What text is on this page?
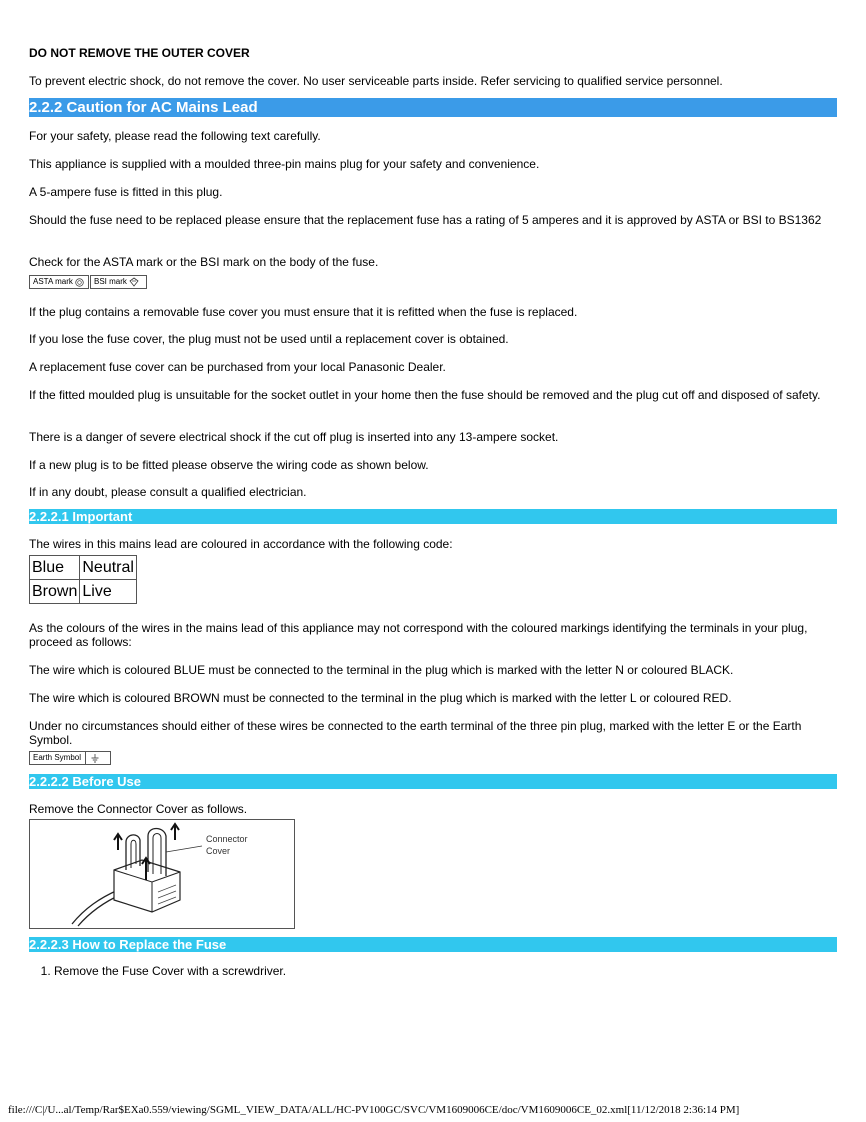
DO NOT REMOVE THE OUTER COVER

To prevent electric shock, do not remove the cover. No user serviceable parts inside. Refer servicing to qualified service personnel.

2.2.2 Caution for AC Mains Lead

For your safety, please read the following text carefully.

This appliance is supplied with a moulded three-pin mains plug for your safety and convenience.

A 5-ampere fuse is fitted in this plug.

Should the fuse need to be replaced please ensure that the replacement fuse has a rating of 5 amperes and it is approved by ASTA or BSI to BS1362

Check for the ASTA mark or the BSI mark on the body of the fuse.

ASTA mark	BSI mark

If the plug contains a removable fuse cover you must ensure that it is refitted when the fuse is replaced.

If you lose the fuse cover, the plug must not be used until a replacement cover is obtained.

A replacement fuse cover can be purchased from your local Panasonic Dealer.

If the fitted moulded plug is unsuitable for the socket outlet in your home then the fuse should be removed and the plug cut off and disposed of safety.

There is a danger of severe electrical shock if the cut off plug is inserted into any 13-ampere socket.

If a new plug is to be fitted please observe the wiring code as shown below.

If in any doubt, please consult a qualified electrician.

2.2.2.1 Important

The wires in this mains lead are coloured in accordance with the following code:

Blue	Neutral
Brown	Live

As the colours of the wires in the mains lead of this appliance may not correspond with the coloured markings identifying the terminals in your plug, proceed as follows:

The wire which is coloured BLUE must be connected to the terminal in the plug which is marked with the letter N or coloured BLACK.

The wire which is coloured BROWN must be connected to the terminal in the plug which is marked with the letter L or coloured RED.

Under no circumstances should either of these wires be connected to the earth terminal of the three pin plug, marked with the letter E or the Earth Symbol.

Earth Symbol
2.2.2.2 Before Use

Remove the Connector Cover as follows.

Connector
Cover
2.2.2.3 How to Replace the Fuse
1. Remove the Fuse Cover with a screwdriver.
file:///C|/U...al/Temp/Rar$EXa0.559/viewing/SGML_VIEW_DATA/ALL/HC-PV100GC/SVC/VM1609006CE/doc/VM1609006CE_02.xml[11/12/2018 2:36:14 PM]
